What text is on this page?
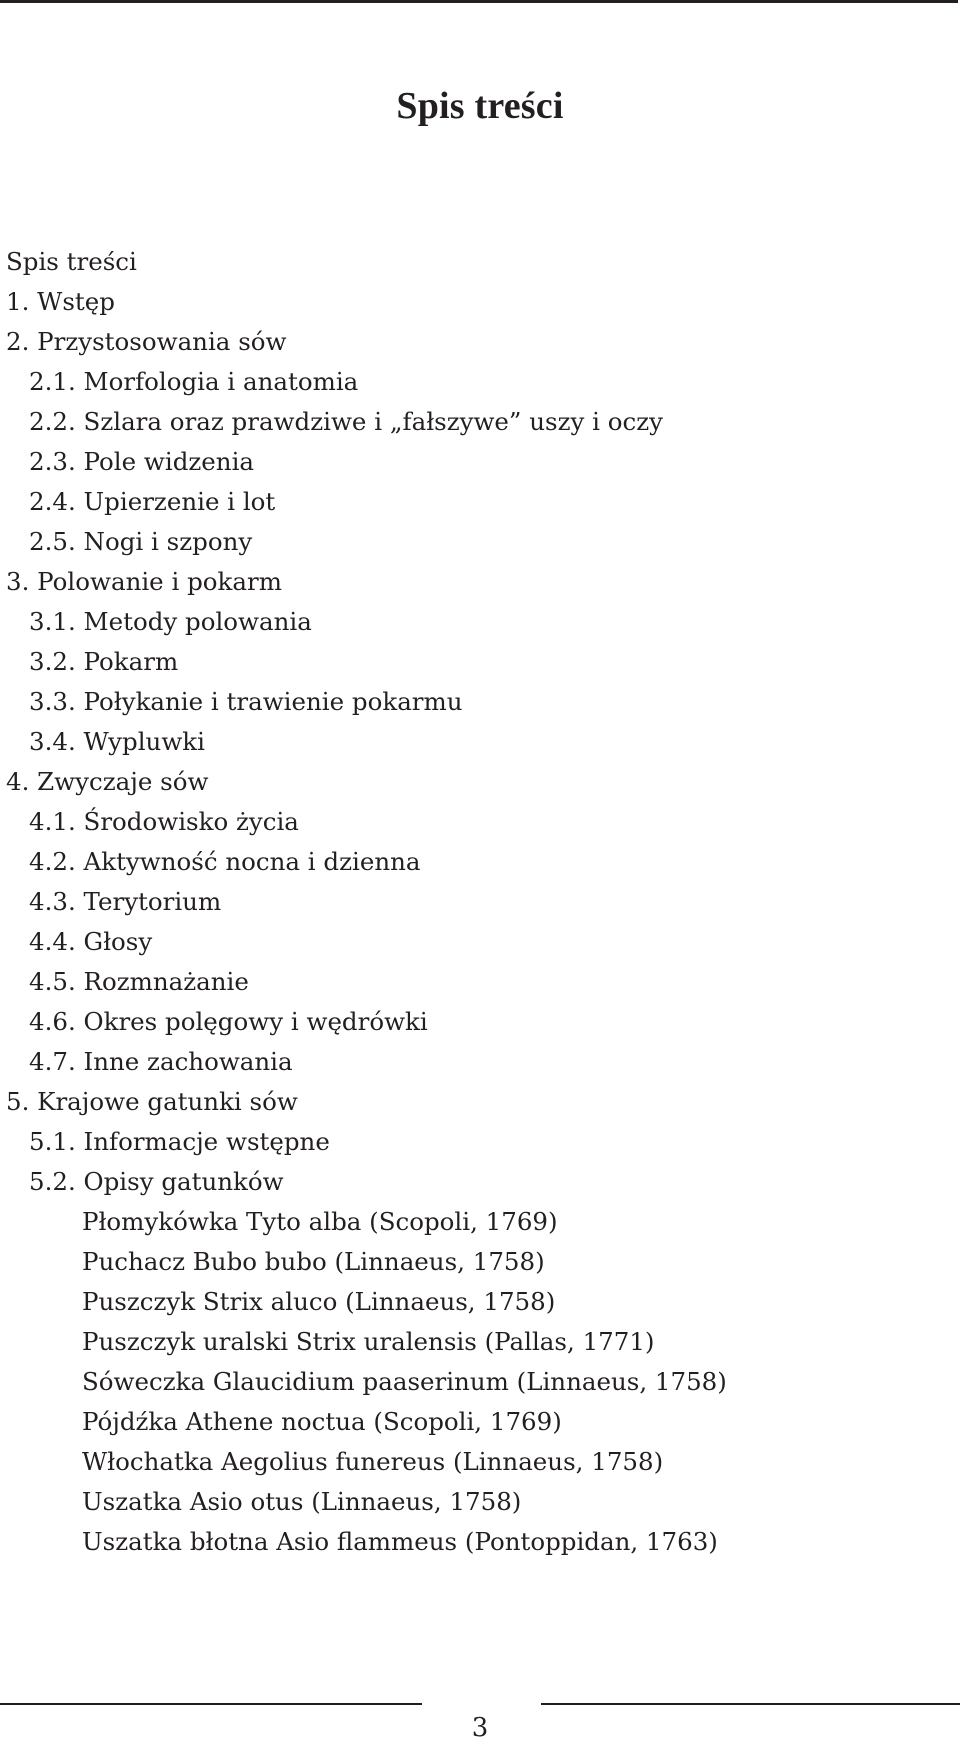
Spis treści
Spis treści
1. Wstęp
2. Przystosowania sów
2.1. Morfologia i anatomia
2.2. Szlara oraz prawdziwe i „fałszywe” uszy i oczy
2.3. Pole widzenia
2.4. Upierzenie i lot
2.5. Nogi i szpony
3. Polowanie i pokarm
3.1. Metody polowania
3.2. Pokarm
3.3. Połykanie i trawienie pokarmu
3.4. Wypluwki
4. Zwyczaje sów
4.1. Środowisko życia
4.2. Aktywność nocna i dzienna
4.3. Terytorium
4.4. Głosy
4.5. Rozmnażanie
4.6. Okres polęgowy i wędrówki
4.7. Inne zachowania
5. Krajowe gatunki sów
5.1. Informacje wstępne
5.2. Opisy gatunków
Płomykówka Tyto alba (Scopoli, 1769)
Puchacz Bubo bubo (Linnaeus, 1758)
Puszczyk Strix aluco (Linnaeus, 1758)
Puszczyk uralski Strix uralensis (Pallas, 1771)
Sóweczka Glaucidium paaserinum (Linnaeus, 1758)
Pójdźka Athene noctua (Scopoli, 1769)
Włochatka Aegolius funereus (Linnaeus, 1758)
Uszatka Asio otus (Linnaeus, 1758)
Uszatka błotna Asio flammeus (Pontoppidan, 1763)
3
